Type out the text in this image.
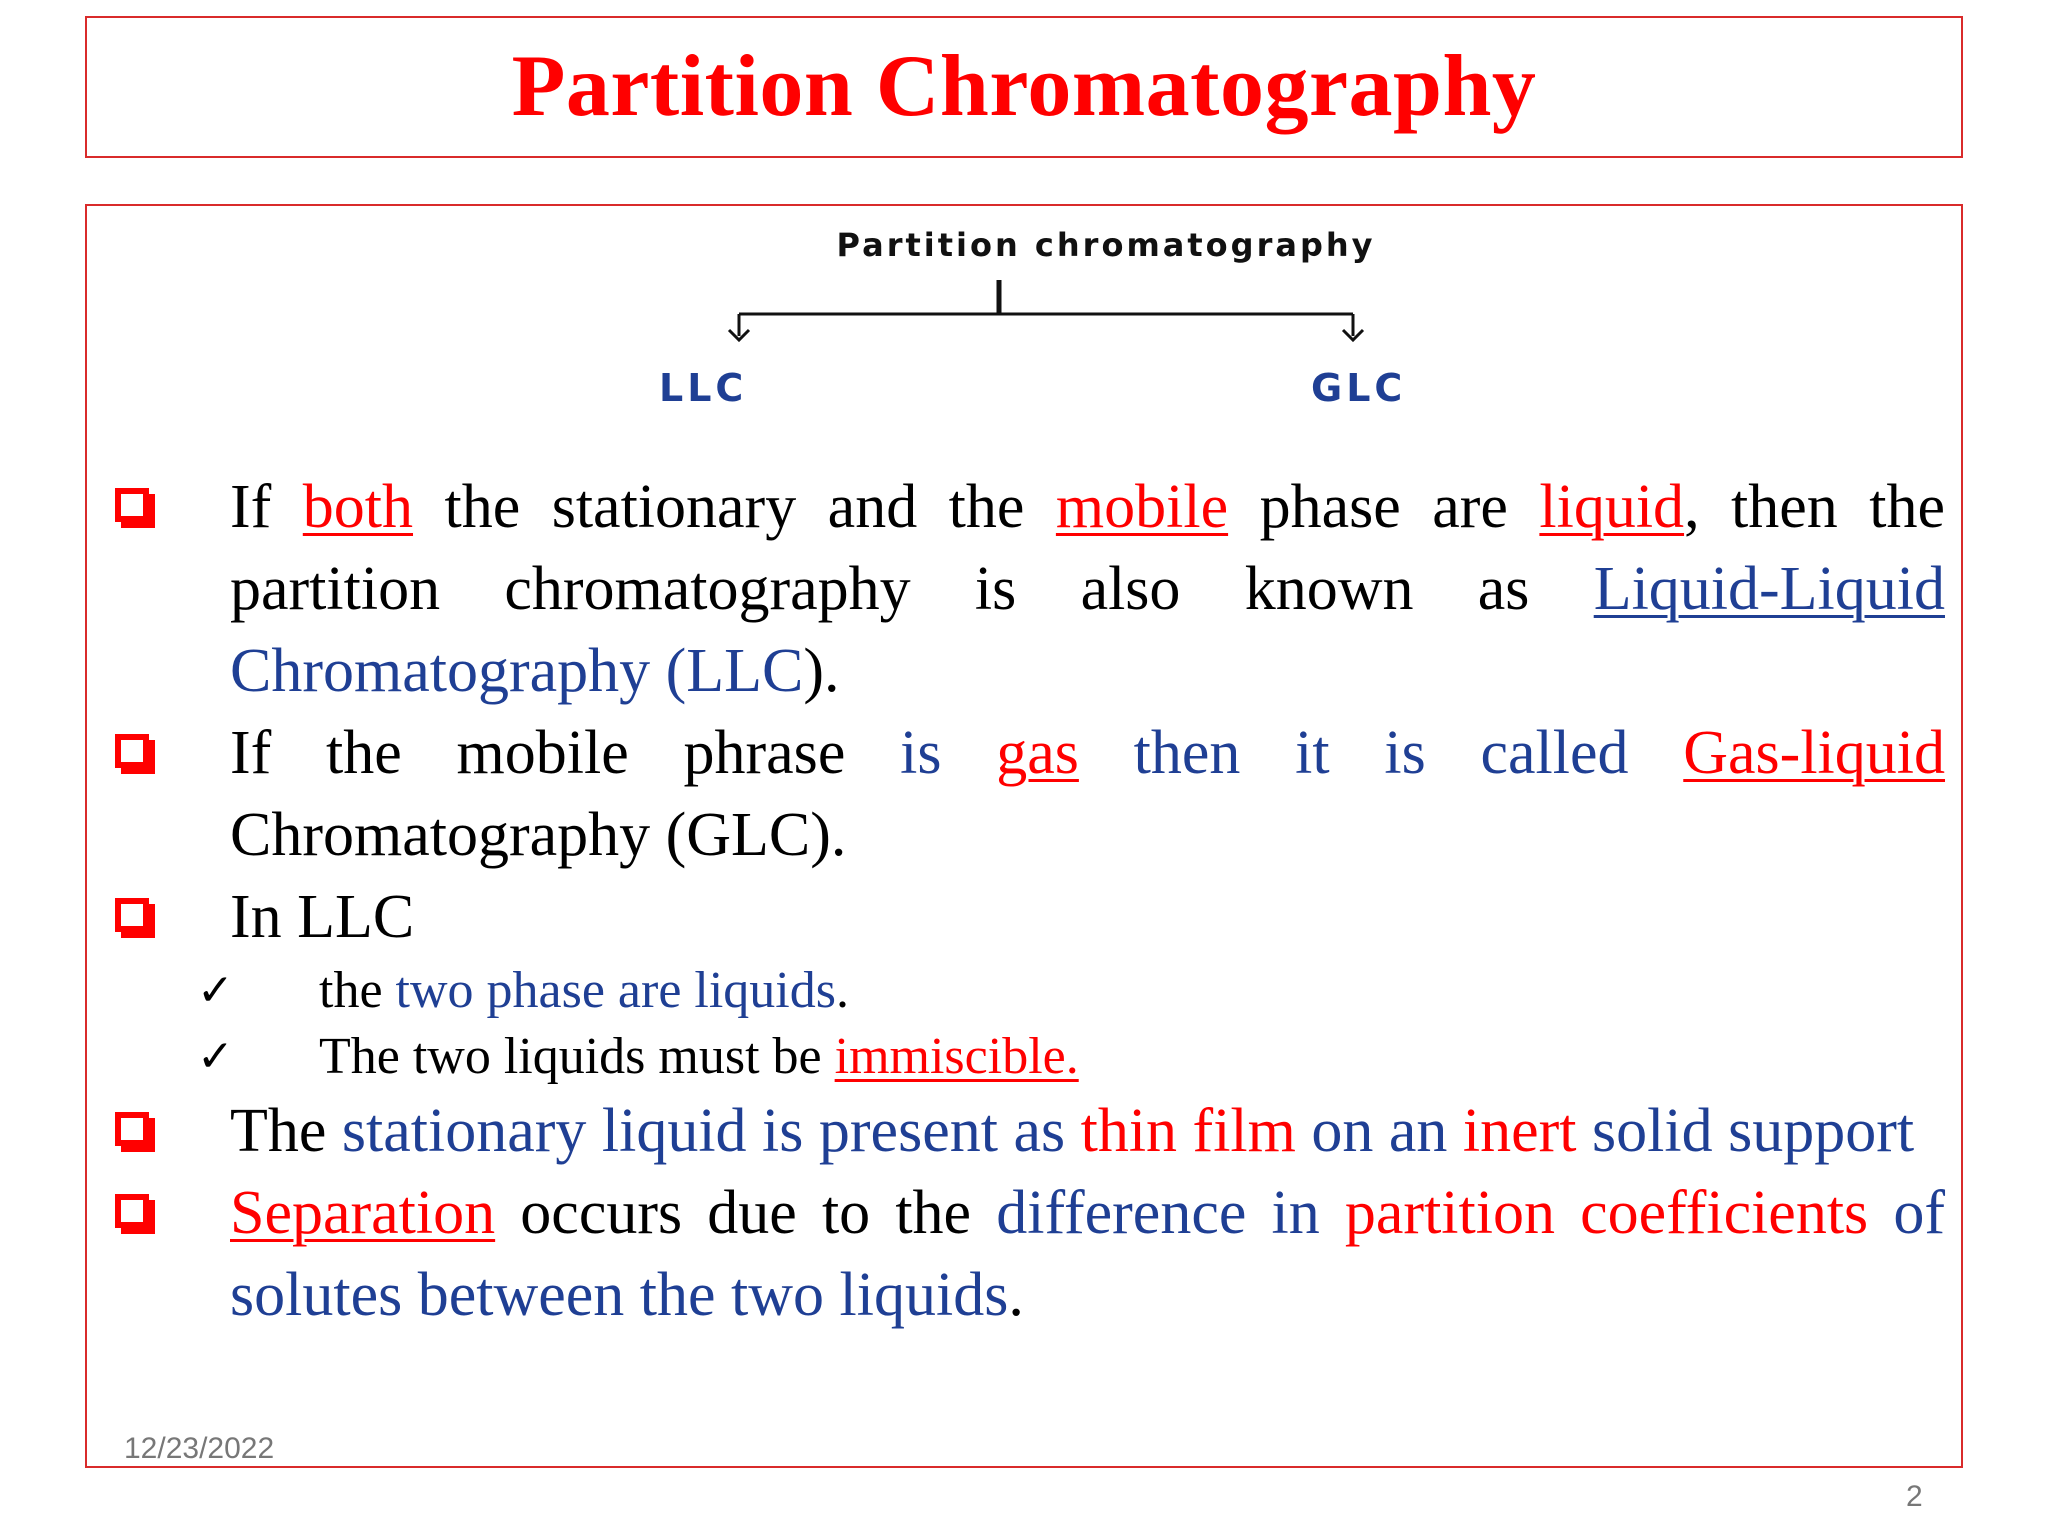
Partition Chromatography
Partition chromatography
LLC	GLC
If both the stationary and the mobile phase are liquid, then the partition chromatography is also known as Liquid-Liquid Chromatography (LLC).
If the mobile phrase is gas then it is called Gas-liquid Chromatography (GLC).
In LLC
✓ the two phase are liquids.
✓ The two liquids must be immiscible.
The stationary liquid is present as thin film on an inert solid support
Separation occurs due to the difference in partition coefficients of solutes between the two liquids.
12/23/2022
2
